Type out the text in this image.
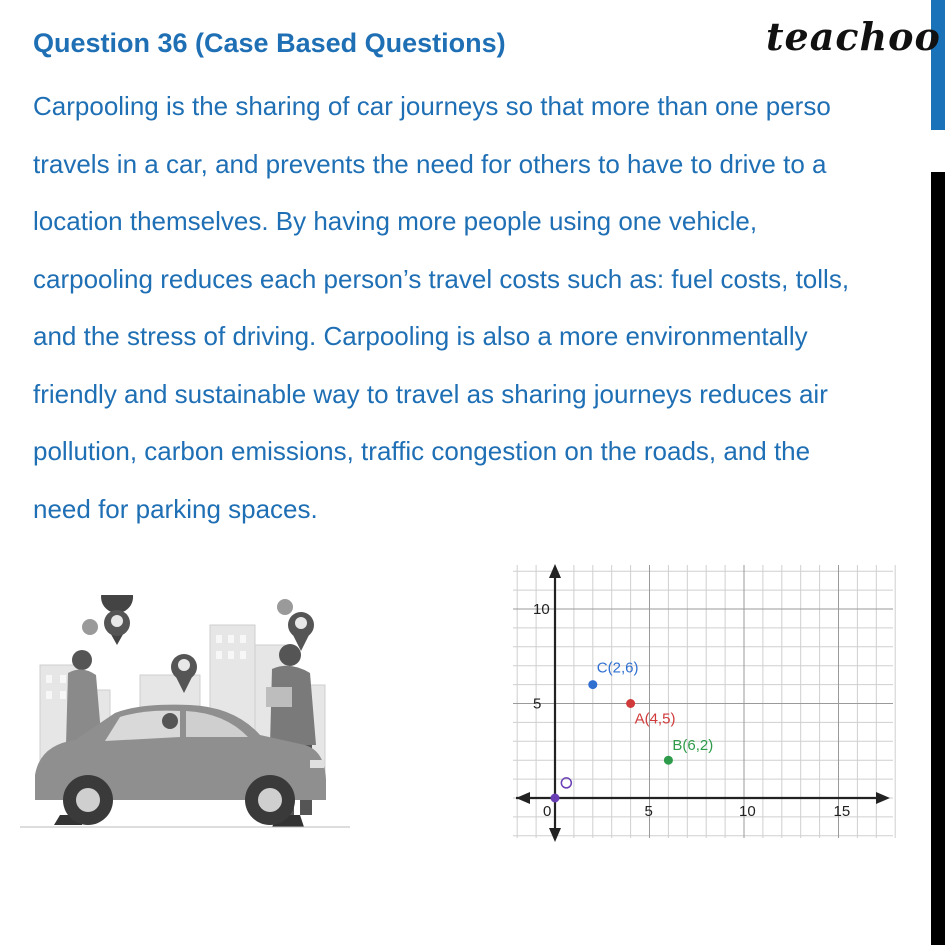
Question 36 (Case Based Questions)	teachoo
Carpooling is the sharing of car journeys so that more than one perso
travels in a car, and prevents the need for others to have to drive to a
location themselves. By having more people using one vehicle,
carpooling reduces each person’s travel costs such as: fuel costs, tolls,
and the stress of driving. Carpooling is also a more environmentally
friendly and sustainable way to travel as sharing journeys reduces air
pollution, carbon emissions, traffic congestion on the roads, and the
need for parking spaces.
0	5	10	15
5
10
C(2,6)
A(4,5)
B(6,2)
